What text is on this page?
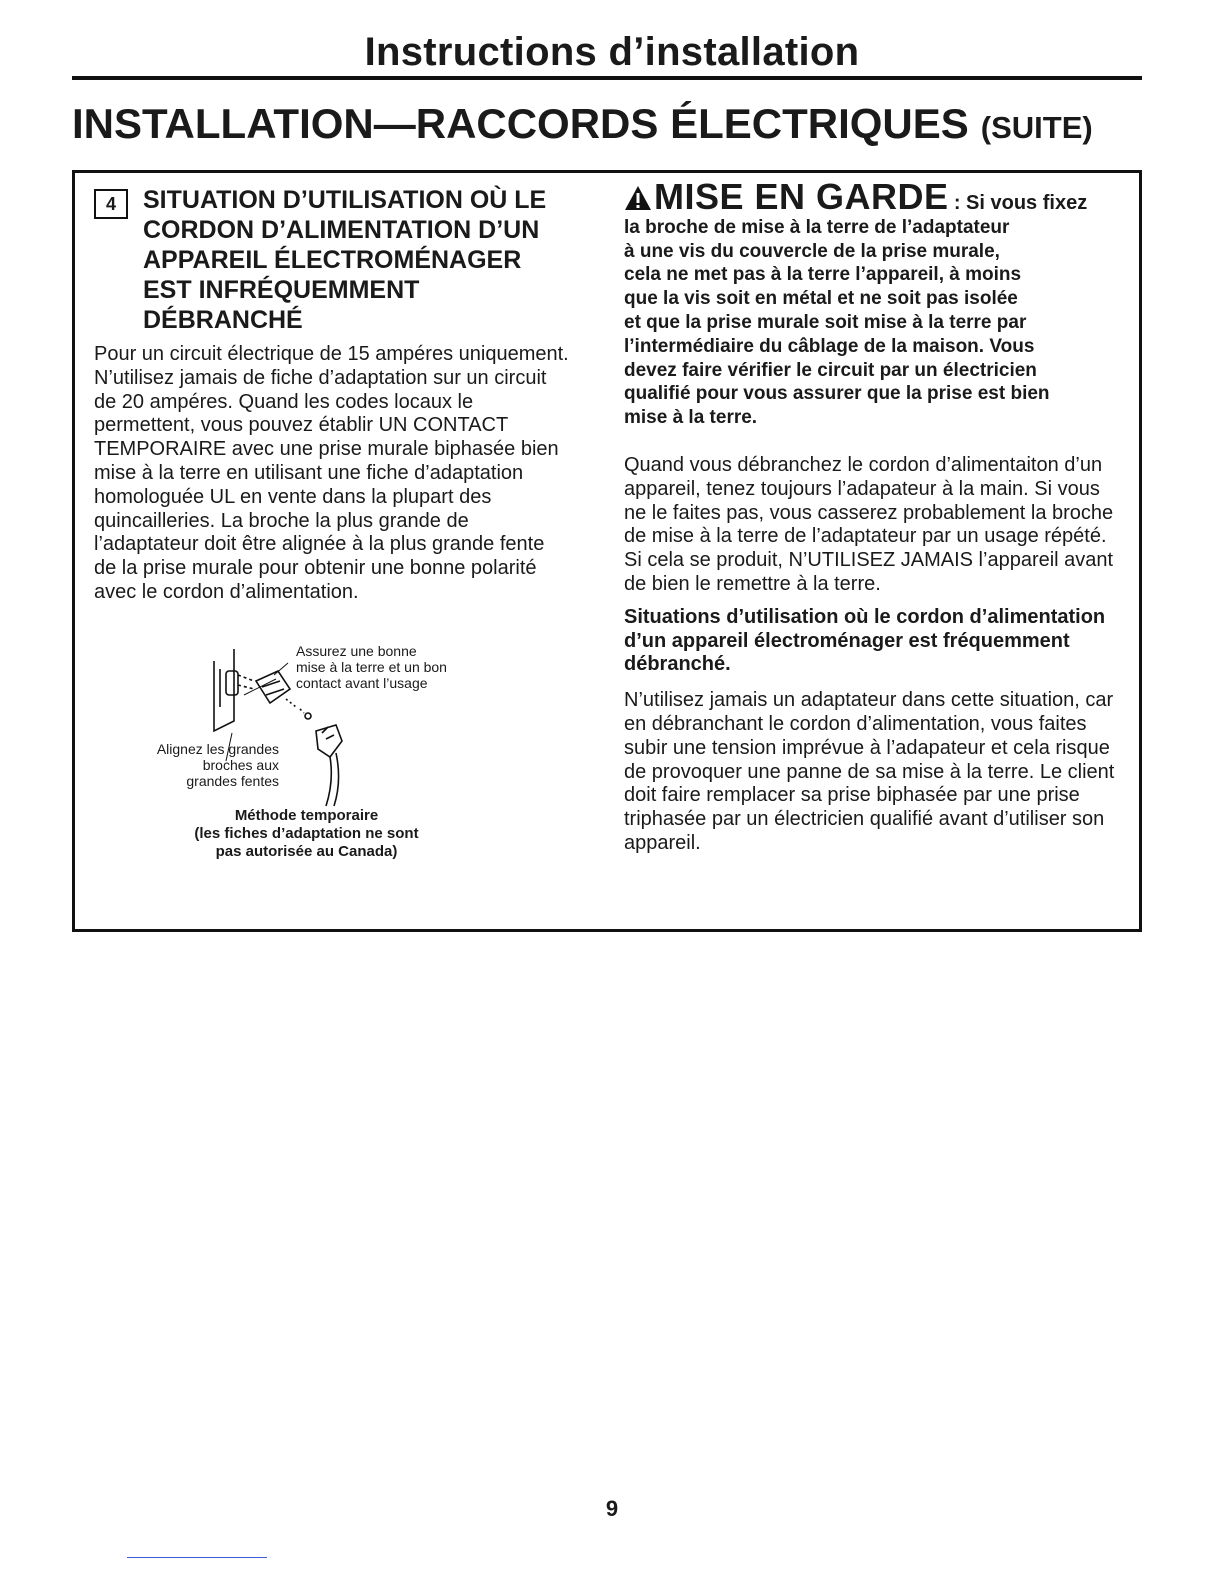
Instructions d’installation
INSTALLATION—RACCORDS ÉLECTRIQUES (SUITE)
4	SITUATION D’UTILISATION OÙ LE CORDON D’ALIMENTATION D’UN APPAREIL ÉLECTROMÉNAGER EST INFRÉQUEMMENT DÉBRANCHÉ

Pour un circuit électrique de 15 ampéres uniquement. N’utilisez jamais de fiche d’adaptation sur un circuit de 20 ampéres. Quand les codes locaux le permettent, vous pouvez établir UN CONTACT TEMPORAIRE avec une prise murale biphasée bien mise à la terre en utilisant une fiche d’adaptation homologuée UL en vente dans la plupart des quincailleries. La broche la plus grande de l’adaptateur doit être alignée à la plus grande fente de la prise murale pour obtenir une bonne polarité avec le cordon d’alimentation.

Assurez une bonne
mise à la terre et un bon
contact avant l’usage
Alignez les grandes
broches aux
grandes fentes
Méthode temporaire
(les fiches d’adaptation ne sont
pas autorisée au Canada)
MISE EN GARDE : Si vous fixez
la broche de mise à la terre de l’adaptateur
à une vis du couvercle de la prise murale,
cela ne met pas à la terre l’appareil, à moins
que la vis soit en métal et ne soit pas isolée
et que la prise murale soit mise à la terre par
l’intermédiaire du câblage de la maison. Vous
devez faire vérifier le circuit par un électricien
qualifié pour vous assurer que la prise est bien
mise à la terre.

Quand vous débranchez le cordon d’alimentaiton d’un appareil, tenez toujours l’adapateur à la main. Si vous ne le faites pas, vous casserez probablement la broche de mise à la terre de l’adaptateur par un usage répété. Si cela se produit, N’UTILISEZ JAMAIS l’appareil avant de bien le remettre à la terre.

Situations d’utilisation où le cordon d’alimentation d’un appareil électroménager est fréquemment débranché.

N’utilisez jamais un adaptateur dans cette situation, car en débranchant le cordon d’alimentation, vous faites subir une tension imprévue à l’adapateur et cela risque de provoquer une panne de sa mise à la terre. Le client doit faire remplacer sa prise biphasée par une prise triphasée par un électricien qualifié avant d’utiliser son appareil.

9
